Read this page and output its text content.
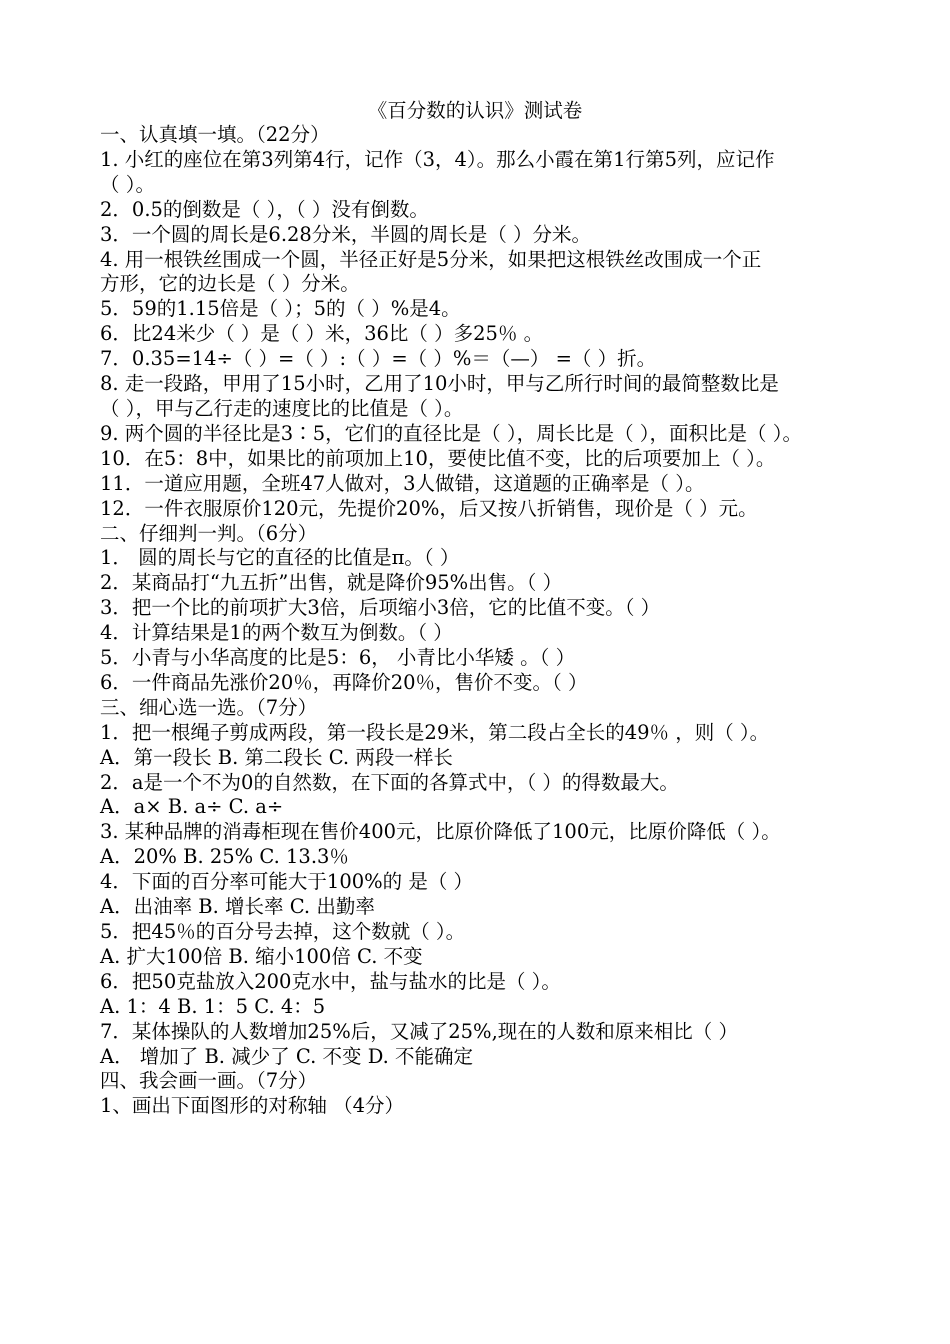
《百分数的认识》测试卷
一、认真填一填。（22分）
1. 小红的座位在第3列第4行，记作（3，4）。那么小霞在第1行第5列，应记作
（ ）。
2．0.5的倒数是（ ），（ ）没有倒数。
3．一个圆的周长是6.28分米，半圆的周长是（ ）分米。
4. 用一根铁丝围成一个圆，半径正好是5分米，如果把这根铁丝改围成一个正
方形，它的边长是（ ）分米。
5．59的1.15倍是（ ）；5的（ ）%是4。
6．比24米少（ ）是（ ）米，36比（ ）多25％ 。
7．0.35=14÷（ ）=（ ）:（ ）=（ ）%＝（—） =（ ）折。
8. 走一段路，甲用了15小时，乙用了10小时，甲与乙所行时间的最简整数比是
（ ），甲与乙行走的速度比的比值是（ ）。
9. 两个圆的半径比是3∶5，它们的直径比是（ ），周长比是（ ），面积比是（ ）。
10．在5：8中，如果比的前项加上10，要使比值不变，比的后项要加上（ ）。
11．一道应用题，全班47人做对，3人做错，这道题的正确率是（ ）。
12．一件衣服原价120元，先提价20%，后又按八折销售，现价是（ ）元。
二、仔细判一判。（6分）
1． 圆的周长与它的直径的比值是π。（ ）
2．某商品打“九五折”出售，就是降价95%出售。（ ）
3．把一个比的前项扩大3倍，后项缩小3倍，它的比值不变。（ ）
4．计算结果是1的两个数互为倒数。（ ）
5．小青与小华高度的比是5：6， 小青比小华矮 。（ ）
6．一件商品先涨价20％，再降价20％，售价不变。（ ）
三、细心选一选。（7分）
1．把一根绳子剪成两段，第一段长是29米，第二段占全长的49％ ，则（ ）。
A．第一段长 B. 第二段长 C. 两段一样长
2．a是一个不为0的自然数，在下面的各算式中，（ ）的得数最大。
A．a× B. a÷ C. a÷
3. 某种品牌的消毒柜现在售价400元，比原价降低了100元，比原价降低（ ）。
A．20% B. 25% C. 13.3％
4．下面的百分率可能大于100%的 是（ ）
A．出油率 B. 增长率 C. 出勤率
5．把45％的百分号去掉，这个数就（ ）。
A. 扩大100倍 B. 缩小100倍 C. 不变
6．把50克盐放入200克水中，盐与盐水的比是（ ）。
A. 1：4 B. 1：5 C. 4：5
7．某体操队的人数增加25%后，又减了25%,现在的人数和原来相比（ ）
A． 增加了 B. 减少了 C. 不变 D. 不能确定
四、我会画一画。（7分）
1、画出下面图形的对称轴 （4分）
